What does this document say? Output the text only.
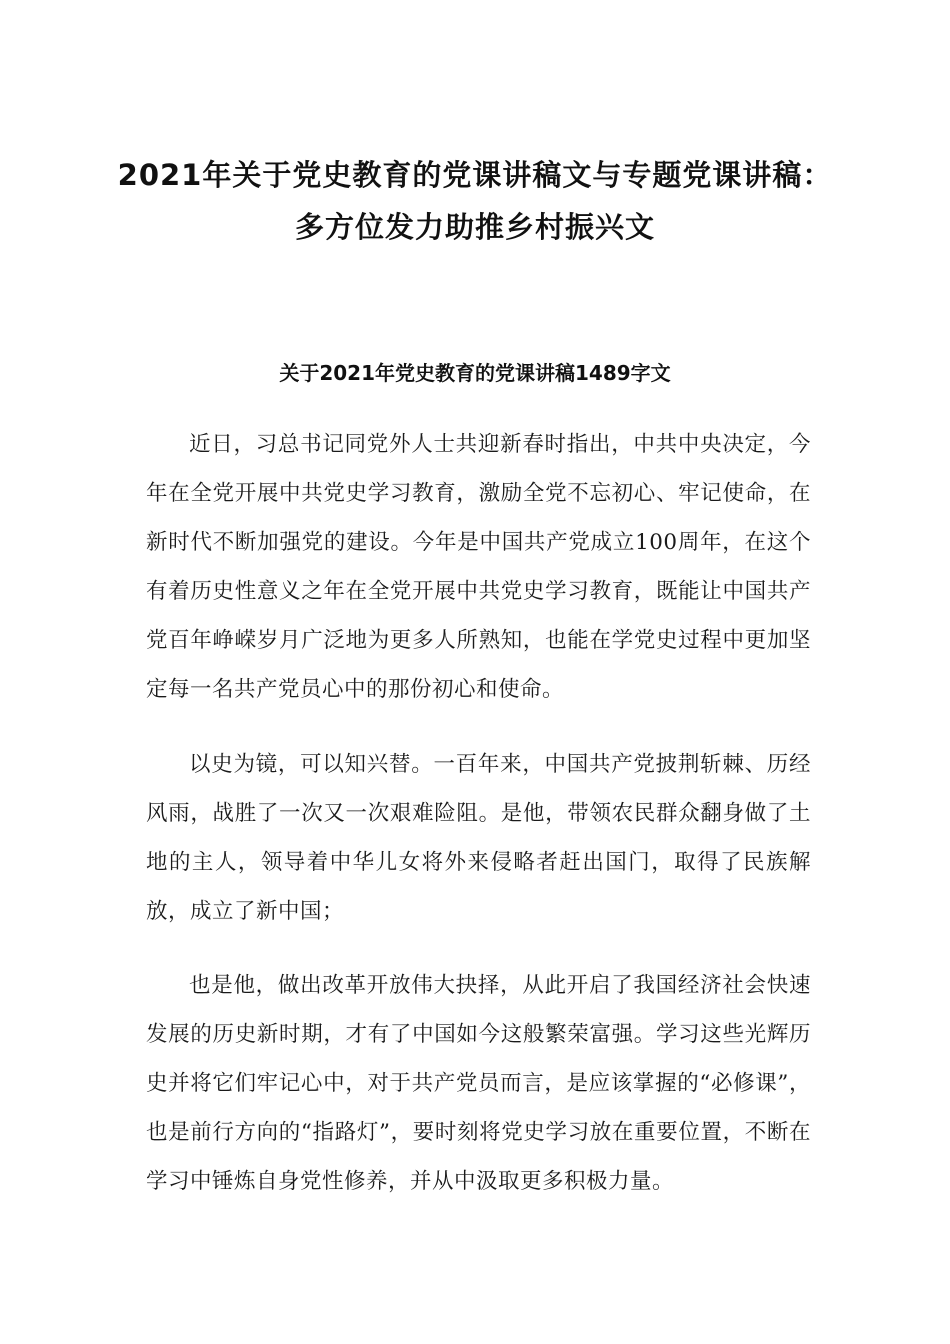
2021年关于党史教育的党课讲稿文与专题党课讲稿：
多方位发力助推乡村振兴文
关于2021年党史教育的党课讲稿1489字文

近日，习总书记同党外人士共迎新春时指出，中共中央决定，今年在全党开展中共党史学习教育，激励全党不忘初心、牢记使命，在新时代不断加强党的建设。今年是中国共产党成立100周年，在这个有着历史性意义之年在全党开展中共党史学习教育，既能让中国共产党百年峥嵘岁月广泛地为更多人所熟知，也能在学党史过程中更加坚定每一名共产党员心中的那份初心和使命。

以史为镜，可以知兴替。一百年来，中国共产党披荆斩棘、历经风雨，战胜了一次又一次艰难险阻。是他，带领农民群众翻身做了土地的主人，领导着中华儿女将外来侵略者赶出国门，取得了民族解放，成立了新中国；

也是他，做出改革开放伟大抉择，从此开启了我国经济社会快速发展的历史新时期，才有了中国如今这般繁荣富强。学习这些光辉历史并将它们牢记心中，对于共产党员而言，是应该掌握的“必修课”，也是前行方向的“指路灯”，要时刻将党史学习放在重要位置，不断在学习中锤炼自身党性修养，并从中汲取更多积极力量。
